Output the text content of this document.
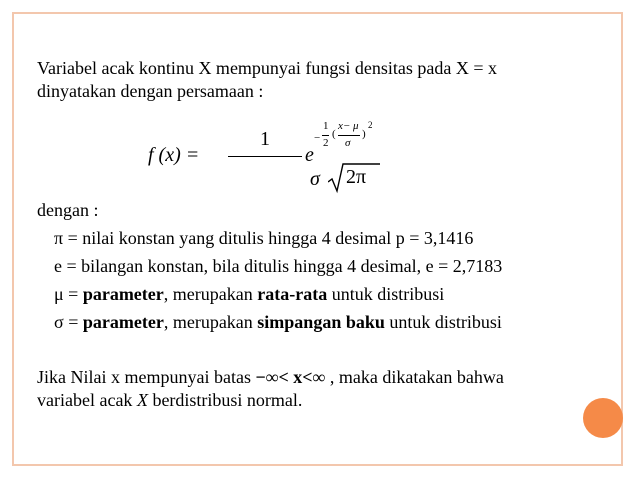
Variabel acak kontinu X mempunyai fungsi densitas pada X = x
dinyatakan dengan persamaan :
f (x) =
1
σ 2π
e
−
1
2
(
x− μ
σ
)
2
dengan :
π = nilai konstan yang ditulis hingga 4 desimal p = 3,1416
e = bilangan konstan, bila ditulis hingga 4 desimal, e = 2,7183
μ = parameter, merupakan rata-rata untuk distribusi
σ = parameter, merupakan simpangan baku untuk distribusi
Jika Nilai x mempunyai batas −∞< x<∞ , maka dikatakan bahwa
variabel acak X berdistribusi normal.
